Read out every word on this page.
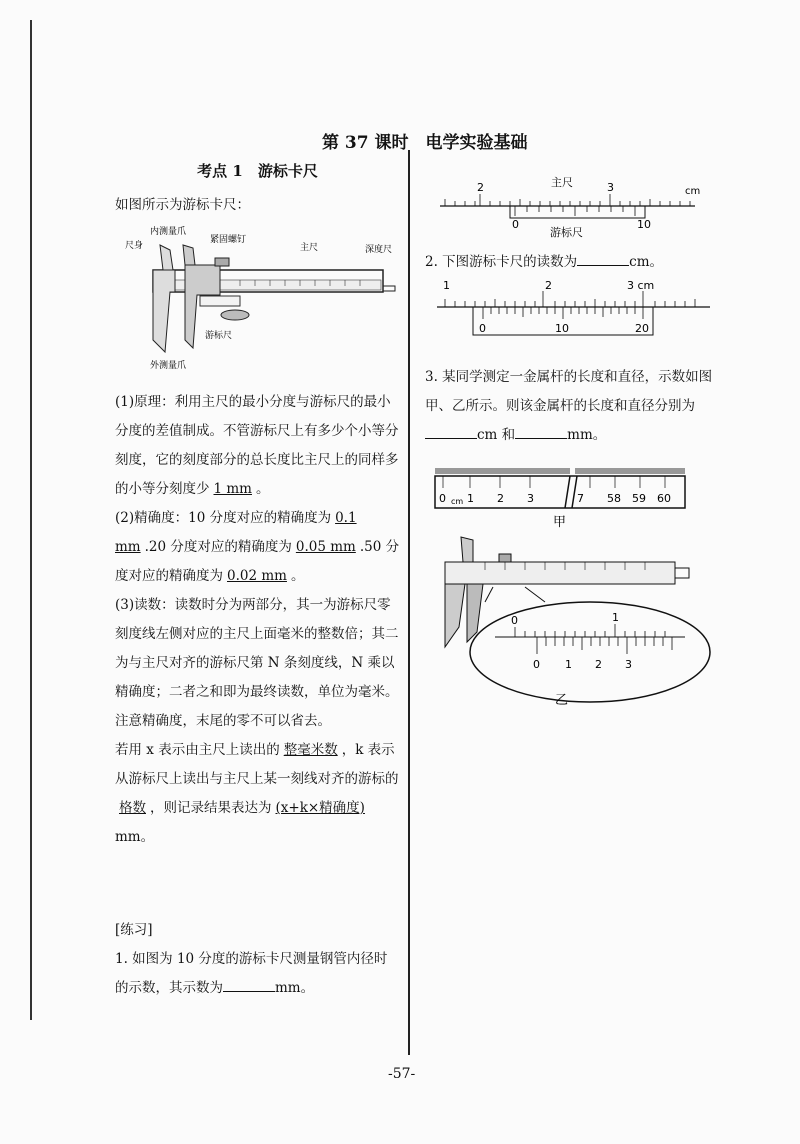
第 37 课时　电学实验基础
考点 1　游标卡尺

如图所示为游标卡尺：

内测量爪
尺身
紧固螺钉
主尺	深度尺
游标尺
外测量爪

(1)原理：利用主尺的最小分度与游标尺的最小分度的差值制成。不管游标尺上有多少个小等分刻度，它的刻度部分的总长度比主尺上的同样多的小等分刻度少 1 mm 。

(2)精确度：10 分度对应的精确度为 0.1 mm .20 分度对应的精确度为 0.05 mm .50 分度对应的精确度为 0.02 mm 。

(3)读数：读数时分为两部分，其一为游标尺零刻度线左侧对应的主尺上面毫米的整数倍；其二为与主尺对齐的游标尺第 N 条刻度线，N 乘以精确度；二者之和即为最终读数，单位为毫米。注意精确度，末尾的零不可以省去。

若用 x 表示由主尺上读出的 整毫米数 ，k 表示从游标尺上读出与主尺上某一刻线对齐的游标的格数 ，则记录结果表达为 (x+k×精确度) mm。

[练习]

1. 如图为 10 分度的游标卡尺测量钢管内径时的示数，其示数为	mm。

2	3
主尺
cm
0	10
游标尺

2. 下图游标卡尺的读数为	cm。

1	2	3 cm
0	10	20

3. 某同学测定一金属杆的长度和直径，示数如图甲、乙所示。则该金属杆的长度和直径分别为cm 和	mm。

0 cm 1 2 3	7 58 59 60
甲
0	1
0 1 2 3
乙
-57-
